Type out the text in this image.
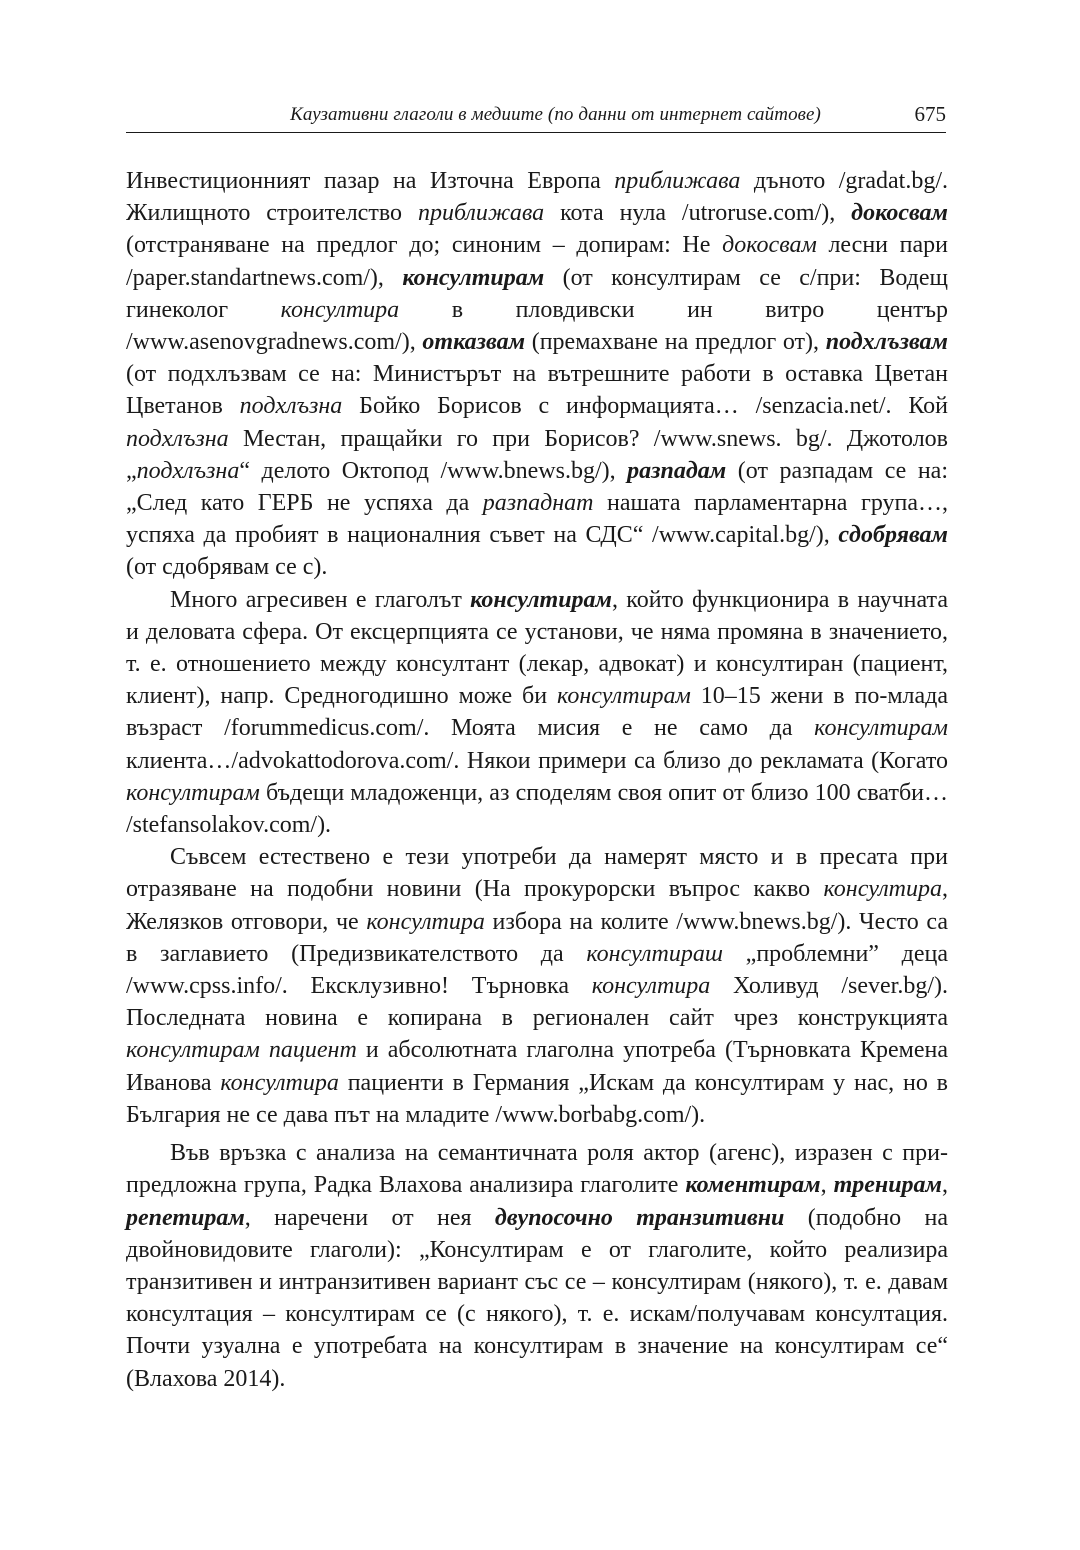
Каузативни глаголи в медиите (по данни от интернет сайтове)	675

Инвестиционният пазар на Източна Европа приближава дъното /gradat.bg/. Жилищното строителство приближава кота нула /utroruse.com/), докосвам (отстраняване на предлог до; синоним – допирам: Не докосвам лесни пари /paper.standartnews.com/), консултирам (от консултирам се с/при: Водещ гинеколог консултира в пловдивски ин витро център /www.asenovgradnews.com/), отказвам (премахване на предлог от), подхлъзвам (от подхлъзвам се на: Министърът на вътрешните работи в оставка Цветан Цветанов подхлъзна Бойко Борисов с информацията… /senzacia.net/. Кой подхлъзна Местан, пращайки го при Борисов? /www.snews. bg/. Джотолов „подхлъзна“ делото Октопод /www.bnews.bg/), разпадам (от разпадам се на: „След като ГЕРБ не успяха да разпаднат нашата парламентарна група…, успяха да пробият в националния съвет на СДС“ /www.capital.bg/), сдобрявам (от сдобрявам се с).

Много агресивен е глаголът консултирам, който функционира в научната и деловата сфера. От ексцерпцията се установи, че няма промяна в значението, т. е. отношението между консултант (лекар, адвокат) и консултиран (пациент, клиент), напр. Средногодишно може би консултирам 10–15 жени в по-млада възраст /forummedicus.com/. Моята мисия е не само да консултирам клиента…/advokattodorova.com/. Някои примери са близо до рекламата (Когато консултирам бъдещи младоженци, аз споделям своя опит от близо 100 сватби… /stefansolakov.com/).

Съвсем естествено е тези употреби да намерят място и в пресата при отразяване на подобни новини (На прокурорски въпрос какво консултира, Желязков отговори, че консултира избора на колите /www.bnews.bg/). Често са в заглавието (Предизвикателството да консултираш „проблемни” деца /www.cpss.info/. Ексклузивно! Търновка консултира Холивуд /sever.bg/). Последната новина е копирана в регионален сайт чрез конструкцията консултирам пациент и абсолютната глаголна употреба (Търновката Кремена Иванова консултира пациенти в Германия „Искам да консултирам у нас, но в България не се дава път на младите /www.borbabg.com/).

Във връзка с анализа на семантичната роля актор (агенс), изразен с при-предложна група, Радка Влахова анализира глаголите коментирам, тренирам, репетирам, наречени от нея двупосочно транзитивни (подобно на двойновидовите глаголи): „Консултирам е от глаголите, който реализира транзитивен и интранзитивен вариант със се – консултирам (някого), т. е. давам консултация – консултирам се (с някого), т. е. искам/получавам консултация. Почти узуална е употребата на консултирам в значение на консултирам се“ (Влахова 2014).
